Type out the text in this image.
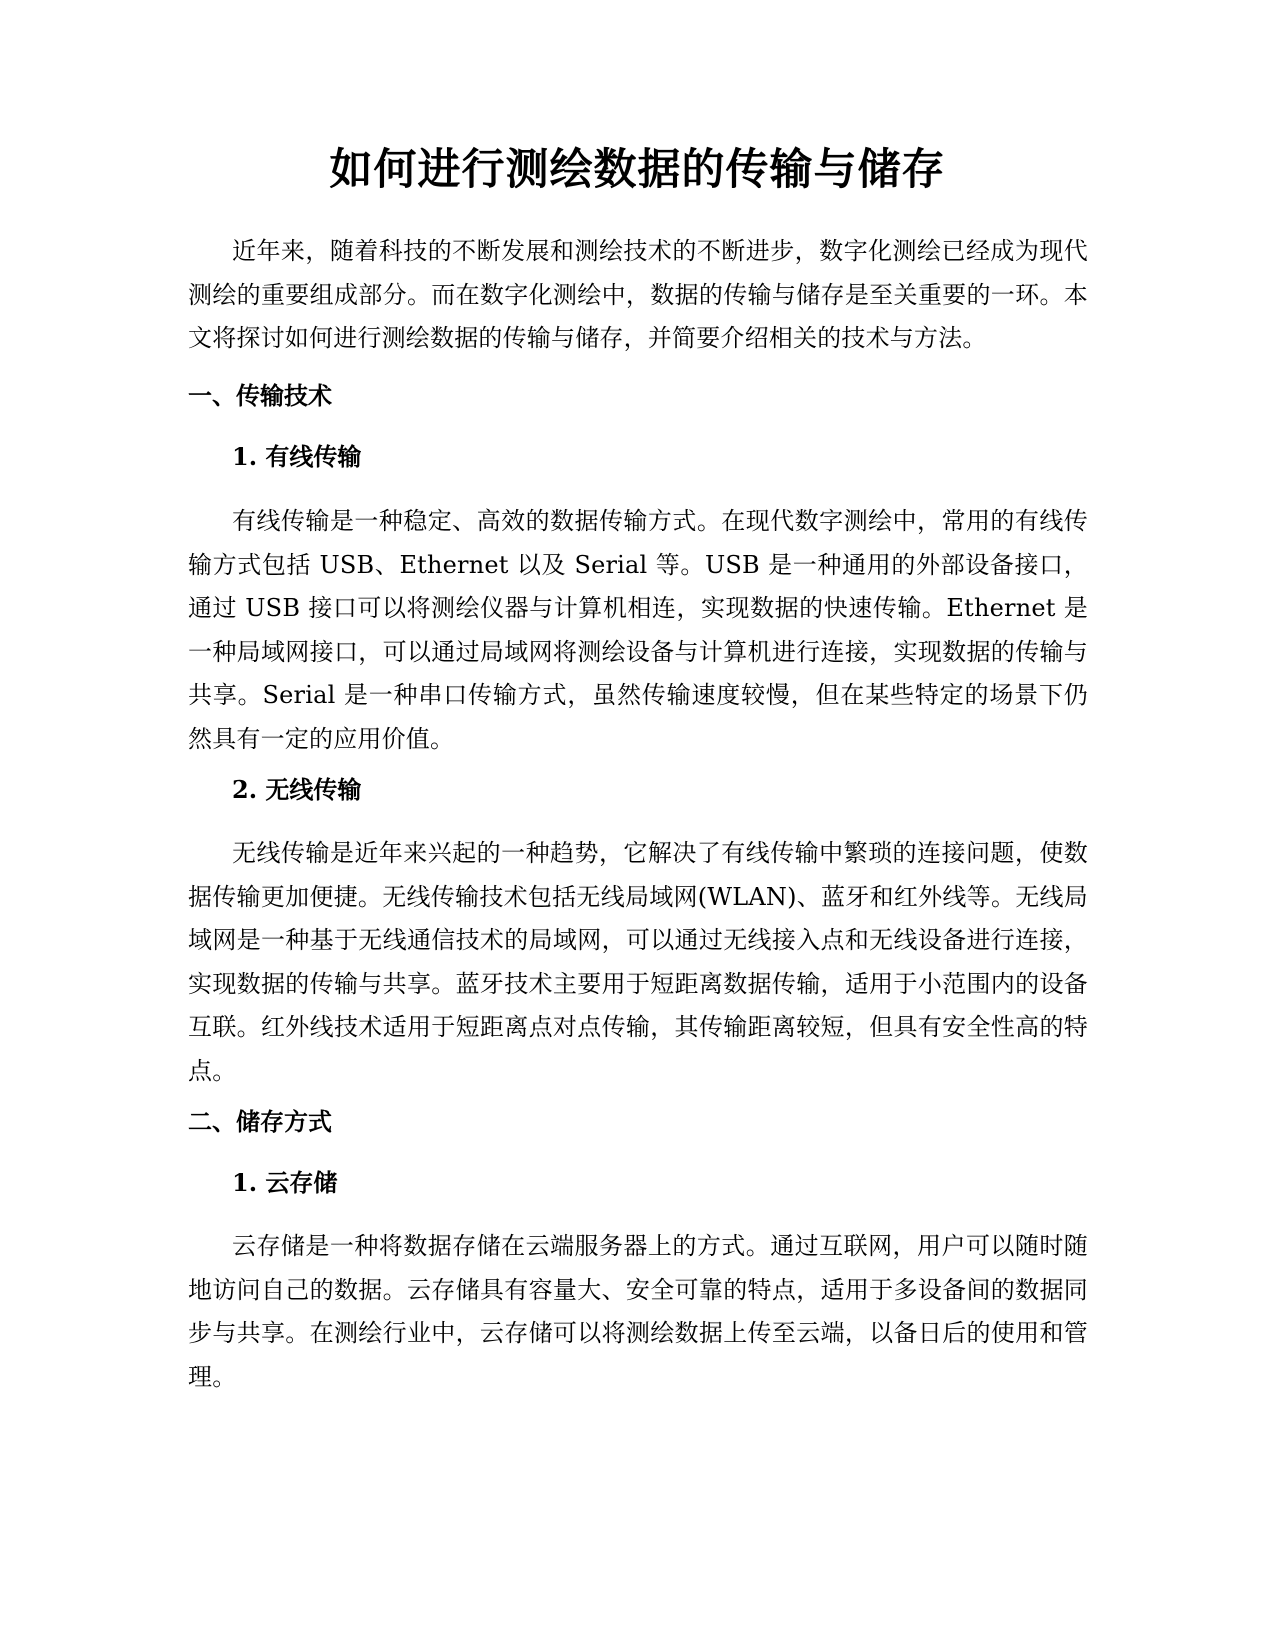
如何进行测绘数据的传输与储存

近年来，随着科技的不断发展和测绘技术的不断进步，数字化测绘已经成为现代测绘的重要组成部分。而在数字化测绘中，数据的传输与储存是至关重要的一环。本文将探讨如何进行测绘数据的传输与储存，并简要介绍相关的技术与方法。

一、传输技术
1. 有线传输

有线传输是一种稳定、高效的数据传输方式。在现代数字测绘中，常用的有线传输方式包括 USB、Ethernet 以及 Serial 等。USB 是一种通用的外部设备接口，通过 USB 接口可以将测绘仪器与计算机相连，实现数据的快速传输。Ethernet 是一种局域网接口，可以通过局域网将测绘设备与计算机进行连接，实现数据的传输与共享。Serial 是一种串口传输方式，虽然传输速度较慢，但在某些特定的场景下仍然具有一定的应用价值。

2. 无线传输

无线传输是近年来兴起的一种趋势，它解决了有线传输中繁琐的连接问题，使数据传输更加便捷。无线传输技术包括无线局域网(WLAN)、蓝牙和红外线等。无线局域网是一种基于无线通信技术的局域网，可以通过无线接入点和无线设备进行连接，实现数据的传输与共享。蓝牙技术主要用于短距离数据传输，适用于小范围内的设备互联。红外线技术适用于短距离点对点传输，其传输距离较短，但具有安全性高的特点。

二、储存方式
1. 云存储

云存储是一种将数据存储在云端服务器上的方式。通过互联网，用户可以随时随地访问自己的数据。云存储具有容量大、安全可靠的特点，适用于多设备间的数据同步与共享。在测绘行业中，云存储可以将测绘数据上传至云端，以备日后的使用和管理。
